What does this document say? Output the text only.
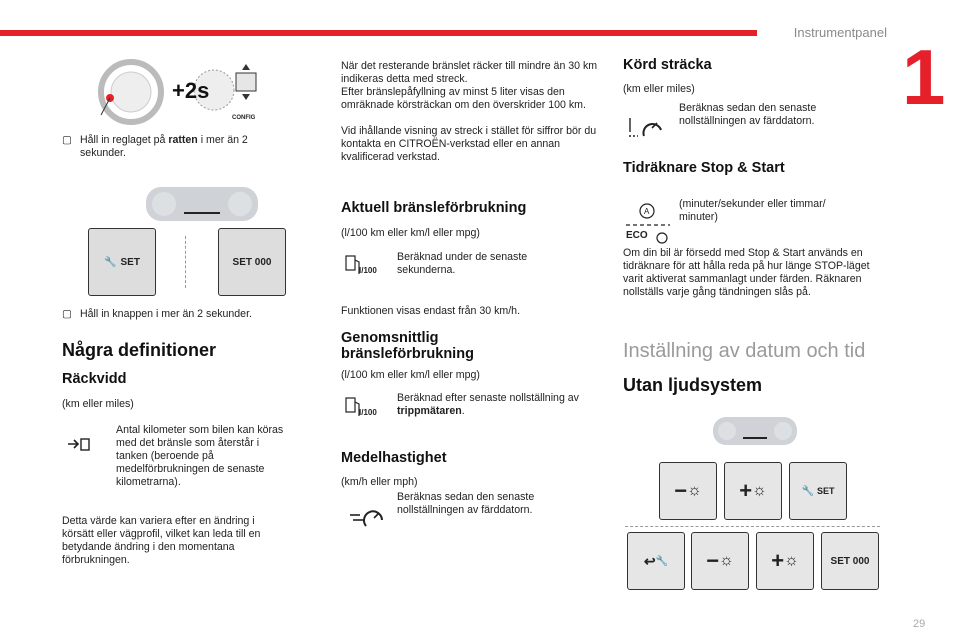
Instrumentpanel
1
29
+2s
CONFIG
▢ Håll in reglaget på ratten i mer än 2 sekunder.
🔧 SET	SET 000
▢ Håll in knappen i mer än 2 sekunder.
Några definitioner
Räckvidd
(km eller miles)
Antal kilometer som bilen kan köras med det bränsle som återstår i tanken (beroende på medelförbrukningen de senaste kilometrarna).
Detta värde kan variera efter en ändring i körsätt eller vägprofil, vilket kan leda till en betydande ändring i den momentana förbrukningen.
När det resterande bränslet räcker till mindre än 30 km indikeras detta med streck.
Efter bränslepåfyllning av minst 5 liter visas den omräknade körsträckan om den överskrider 100 km.
Vid ihållande visning av streck i stället för siffror bör du kontakta en CITROËN-verkstad eller en annan kvalificerad verkstad.
Aktuell bränsleförbrukning
(l/100 km eller km/l eller mpg)
l/100
Beräknad under de senaste sekunderna.
Funktionen visas endast från 30 km/h.
Genomsnittlig bränsleförbrukning
(l/100 km eller km/l eller mpg)
l/100
Beräknad efter senaste nollställning av trippmätaren.
Medelhastighet
(km/h eller mph)
Beräknas sedan den senaste nollställningen av färddatorn.
Körd sträcka
(km eller miles)
Beräknas sedan den senaste nollställningen av färddatorn.
Tidräknare Stop & Start
A
ECO
(minuter/sekunder eller timmar/ minuter)
Om din bil är försedd med Stop & Start används en tidräknare för att hålla reda på hur länge STOP-läget varit aktiverat sammanlagt under färden. Räknaren nollställs varje gång tändningen slås på.
Inställning av datum och tid
Utan ljudsystem
− ☼ + ☼	🔧 SET
↩ 🔧 − ☼ + ☼	SET 000
